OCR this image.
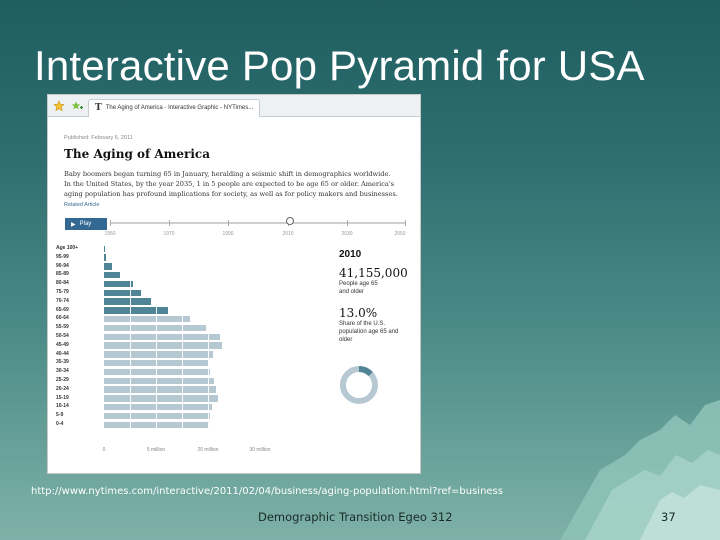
Interactive Pop Pyramid for USA
T The Aging of America - Interactive Graphic - NYTimes...
Published: February 6, 2011
The Aging of America
Baby boomers began turning 65 in January, heralding a seismic shift in demographics worldwide. In the United States, by the year 2035, 1 in 5 people are expected to be age 65 or older. America's aging population has profound implications for society, as well as for policy makers and businesses. Related Article
▶ Play
1950	1970	1990	2010	2030	2050
Age 100+
95-99
90-94
85-89
80-84
75-79
70-74
65-69
60-64
55-59
50-54
45-49
40-44
35-39
30-34
25-29
20-24
15-19
10-14
5-9
0-4
0	5 million	20 million	30 million
2010
41,155,000
People age 65 and older
13.0%
Share of the U.S. population age 65 and older
http://www.nytimes.com/interactive/2011/02/04/business/aging-population.html?ref=business
Demographic Transition Egeo 312	37
